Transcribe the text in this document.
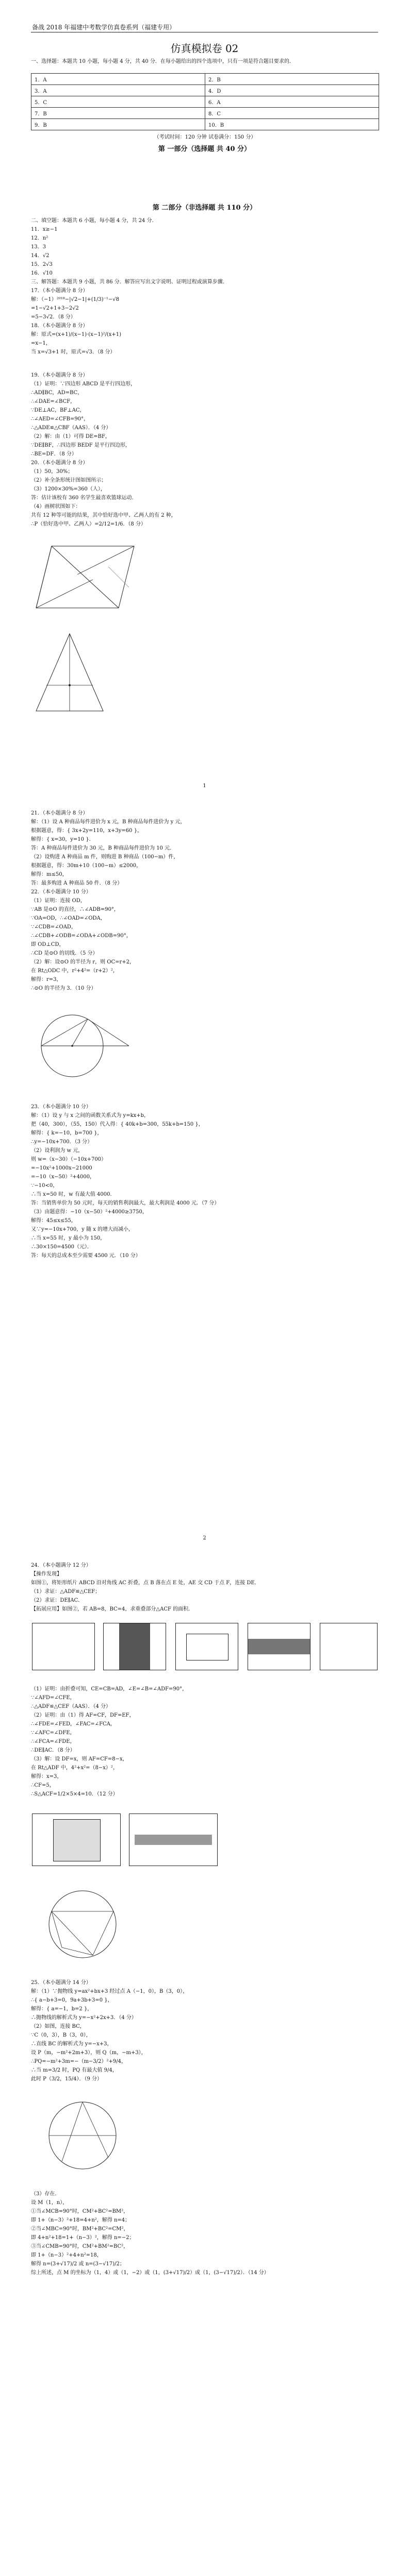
备战 2018 年福建中考数学仿真卷系列（福建专用）
仿真模拟卷 02
一、选择题：本题共 10 小题，每小题 4 分，共 40 分．在每小题给出的四个选项中，只有一项是符合题目要求的．
1．A	2．B
3．A	4．D
5．C	6．A
7．B	8．C
9．B	10．B
（考试时间：120 分钟 试卷满分：150 分）
第 一部分（选择题 共 40 分）
第 二部分（非选择题 共 110 分）
二、填空题：本题共 6 小题，每小题 4 分，共 24 分．
11．x≥−1
12．n²
13．3
14．√2
15．2√3
16．√10
三、解答题：本题共 9 小题，共 86 分．解答应写出文字说明、证明过程或演算步骤．
17．（本小题满分 8 分）
解：（−1）²⁰¹⁸−|√2−1|+(1/3)⁻¹−√8
=1−√2+1+3−2√2
=5−3√2．（8 分）
18．（本小题满分 8 分）
解：原式=(x+1)/(x−1)·(x−1)²/(x+1)
=x−1，
当 x=√3+1 时，原式=√3．（8 分）
19．（本小题满分 8 分）
（1）证明：∵四边形 ABCD 是平行四边形，
∴AD∥BC，AD=BC，
∴∠DAE=∠BCF，
∵DE⊥AC，BF⊥AC，
∴∠AED=∠CFB=90°，
∴△ADE≌△CBF（AAS）．（4 分）
（2）解：由（1）可得 DE=BF，
∵DE∥BF，∴四边形 BEDF 是平行四边形，
∴BE=DF．（8 分）
20．（本小题满分 8 分）
（1）50，30%；
（2）补全条形统计图如图所示；
（3）1200×30%=360（人），
答：估计该校有 360 名学生最喜欢篮球运动．
（4）画树状图如下：
共有 12 种等可能的结果，其中恰好选中甲、乙两人的有 2 种，
∴P（恰好选中甲、乙两人）=2/12=1/6．（8 分）
1
21．（本小题满分 8 分）
解：（1）设 A 种商品每件进价为 x 元，B 种商品每件进价为 y 元，
根据题意，得：{ 3x+2y=110，x+3y=60 }，
解得：{ x=30，y=10 }．
答：A 种商品每件进价为 30 元，B 种商品每件进价为 10 元．
（2）设购进 A 种商品 m 件，则购进 B 种商品（100−m）件，
根据题意，得：30m+10（100−m）≤2000，
解得：m≤50，
答：最多购进 A 种商品 50 件．（8 分）
22．（本小题满分 10 分）
（1）证明：连接 OD，
∵AB 是⊙O 的直径，∴∠ADB=90°，
∵OA=OD，∴∠OAD=∠ODA，
∵∠CDB=∠OAD，
∴∠CDB+∠ODB=∠ODA+∠ODB=90°，
即 OD⊥CD，
∴CD 是⊙O 的切线．（5 分）
（2）解：设⊙O 的半径为 r，则 OC=r+2，
在 Rt△ODC 中，r²+4²=（r+2）²，
解得：r=3，
∴⊙O 的半径为 3．（10 分）
23．（本小题满分 10 分）
解：（1）设 y 与 x 之间的函数关系式为 y=kx+b，
把（40，300），（55，150）代入得：{ 40k+b=300，55k+b=150 }，
解得：{ k=−10，b=700 }，
∴y=−10x+700．（3 分）
（2）设利润为 w 元，
则 w=（x−30）（−10x+700）
=−10x²+1000x−21000
=−10（x−50）²+4000，
∵−10<0，
∴当 x=50 时，w 有最大值 4000．
答：当销售单价为 50 元时，每天的销售利润最大，最大利润是 4000 元．（7 分）
（3）由题意得：−10（x−50）²+4000≥3750，
解得：45≤x≤55，
又∵y=−10x+700，y 随 x 的增大而减小，
∴当 x=55 时，y 最小为 150，
∴30×150=4500（元）．
答：每天的总成本至少需要 4500 元．（10 分）
2
24．（本小题满分 12 分）
【操作发现】
如图①，将矩形纸片 ABCD 沿对角线 AC 折叠，点 B 落在点 E 处，AE 交 CD 于点 F，连接 DE．
（1）求证：△ADF≌△CEF；
（2）求证：DE∥AC．
【拓展应用】如图②，若 AB=8，BC=4，求重叠部分△ACF 的面积．
（1）证明：由折叠可知，CE=CB=AD，∠E=∠B=∠ADF=90°，
∵∠AFD=∠CFE，
∴△ADF≌△CEF（AAS）．（4 分）
（2）证明：由（1）得 AF=CF，DF=EF，
∴∠FDE=∠FED，∠FAC=∠FCA，
∵∠AFC=∠DFE，
∴∠FCA=∠FDE，
∴DE∥AC．（8 分）
（3）解：设 DF=x，则 AF=CF=8−x，
在 Rt△ADF 中，4²+x²=（8−x）²，
解得：x=3，
∴CF=5，
∴S△ACF=1/2×5×4=10．（12 分）
25．（本小题满分 14 分）
解：（1）∵抛物线 y=ax²+bx+3 经过点 A（−1，0），B（3，0），
∴{ a−b+3=0，9a+3b+3=0 }，
解得：{ a=−1，b=2 }，
∴抛物线的解析式为 y=−x²+2x+3．（4 分）
（2）如图，连接 BC，
∵C（0，3），B（3，0），
∴直线 BC 的解析式为 y=−x+3，
设 P（m，−m²+2m+3），则 Q（m，−m+3），
∴PQ=−m²+3m=−（m−3/2）²+9/4，
∴当 m=3/2 时，PQ 有最大值 9/4，
此时 P（3/2，15/4）．（9 分）
（3）存在．
设 M（1，n），
①当∠MCB=90°时，CM²+BC²=BM²，
即 1+（n−3）²+18=4+n²，解得 n=4；
②当∠MBC=90°时，BM²+BC²=CM²，
即 4+n²+18=1+（n−3）²，解得 n=−2；
③当∠CMB=90°时，CM²+BM²=BC²，
即 1+（n−3）²+4+n²=18，
解得 n=(3+√17)/2 或 n=(3−√17)/2；
综上所述，点 M 的坐标为（1，4）或（1，−2）或（1，(3+√17)/2）或（1，(3−√17)/2）．（14 分）
